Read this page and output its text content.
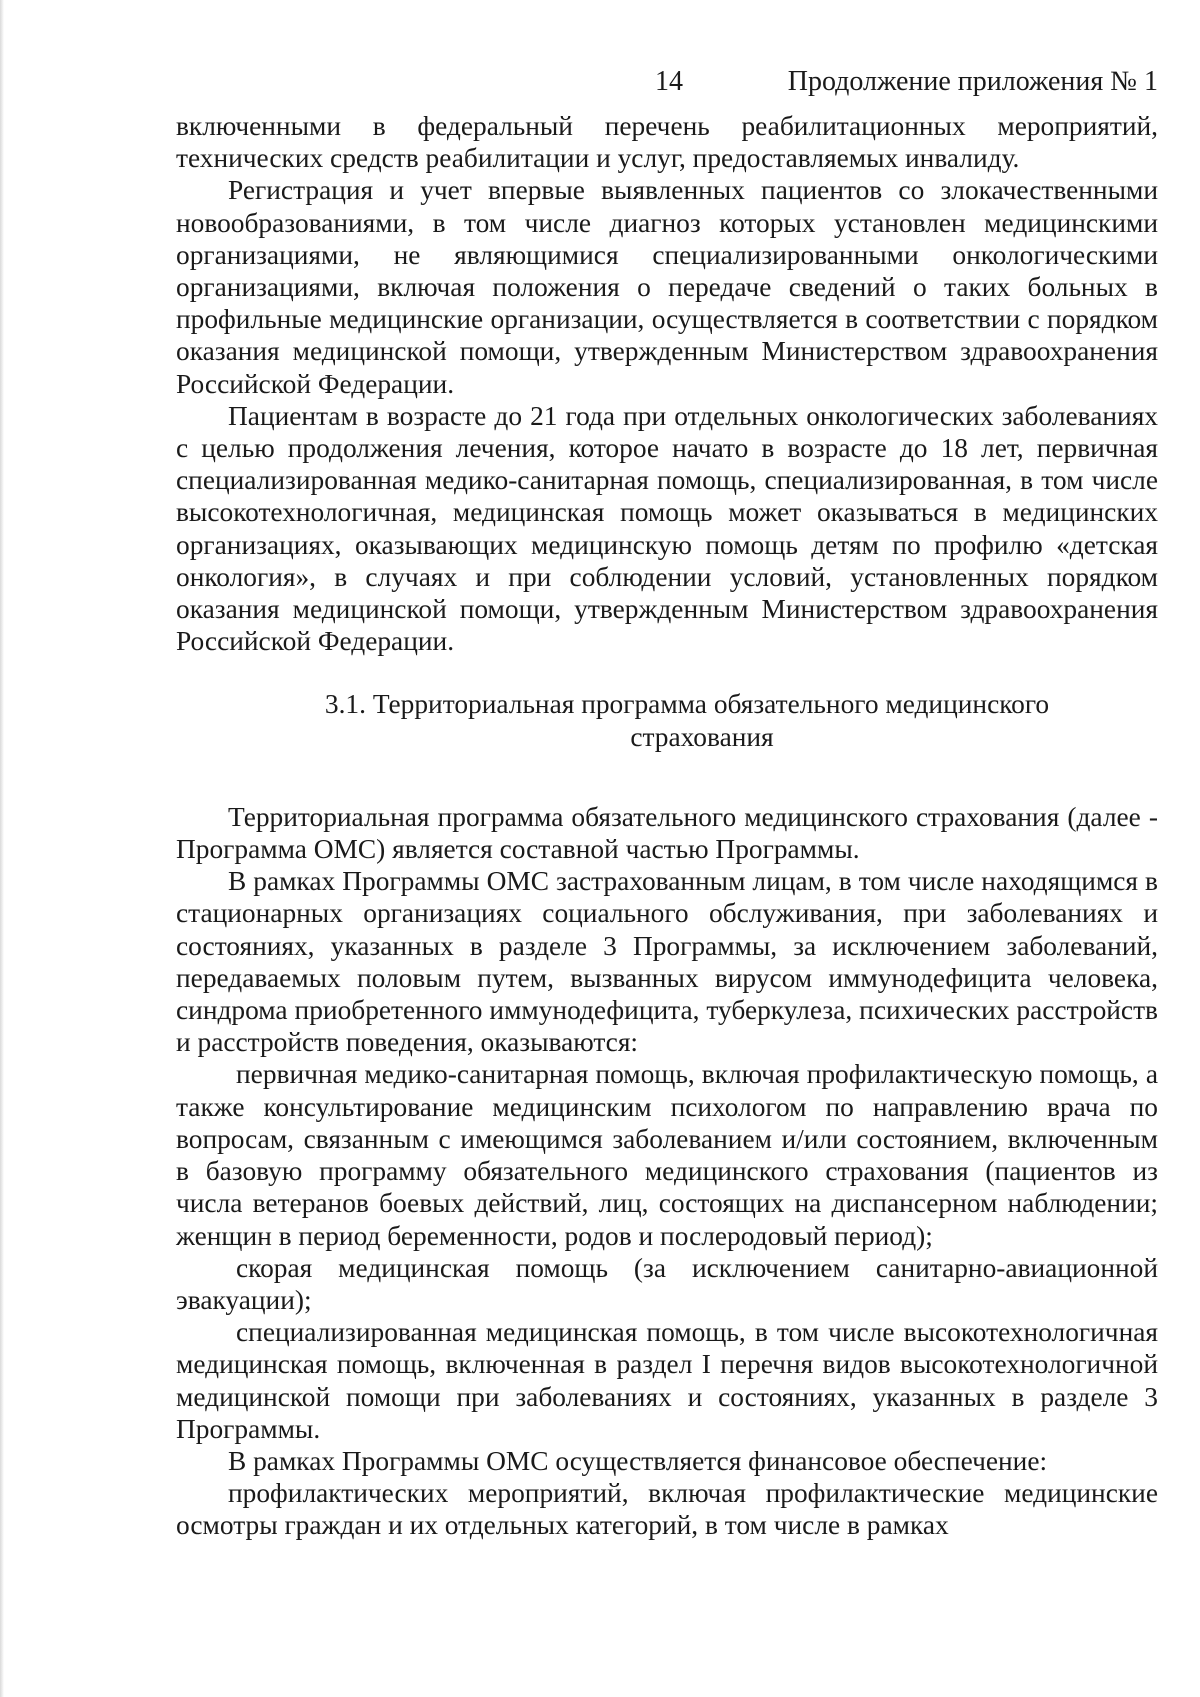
14	Продолжение приложения № 1

включенными в федеральный перечень реабилитационных мероприятий, технических средств реабилитации и услуг, предоставляемых инвалиду.

Регистрация и учет впервые выявленных пациентов со злокачественными новообразованиями, в том числе диагноз которых установлен медицинскими организациями, не являющимися специализированными онкологическими организациями, включая положения о передаче сведений о таких больных в профильные медицинские организации, осуществляется в соответствии с порядком оказания медицинской помощи, утвержденным Министерством здравоохранения Российской Федерации.

Пациентам в возрасте до 21 года при отдельных онкологических заболеваниях с целью продолжения лечения, которое начато в возрасте до 18 лет, первичная специализированная медико-санитарная помощь, специализированная, в том числе высокотехнологичная, медицинская помощь может оказываться в медицинских организациях, оказывающих медицинскую помощь детям по профилю «детская онкология», в случаях и при соблюдении условий, установленных порядком оказания медицинской помощи, утвержденным Министерством здравоохранения Российской Федерации.

3.1. Территориальная программа обязательного медицинского
страхования

Территориальная программа обязательного медицинского страхования (далее - Программа ОМС) является составной частью Программы.

В рамках Программы ОМС застрахованным лицам, в том числе находящимся в стационарных организациях социального обслуживания, при заболеваниях и состояниях, указанных в разделе 3 Программы, за исключением заболеваний, передаваемых половым путем, вызванных вирусом иммунодефицита человека, синдрома приобретенного иммунодефицита, туберкулеза, психических расстройств и расстройств поведения, оказываются:

первичная медико-санитарная помощь, включая профилактическую помощь, а также консультирование медицинским психологом по направлению врача по вопросам, связанным с имеющимся заболеванием и/или состоянием, включенным в базовую программу обязательного медицинского страхования (пациентов из числа ветеранов боевых действий, лиц, состоящих на диспансерном наблюдении; женщин в период беременности, родов и послеродовый период);

скорая медицинская помощь (за исключением санитарно-авиационной эвакуации);

специализированная медицинская помощь, в том числе высокотехнологичная медицинская помощь, включенная в раздел I перечня видов высокотехнологичной медицинской помощи при заболеваниях и состояниях, указанных в разделе 3 Программы.

В рамках Программы ОМС осуществляется финансовое обеспечение:

профилактических мероприятий, включая профилактические медицинские осмотры граждан и их отдельных категорий, в том числе в рамках
